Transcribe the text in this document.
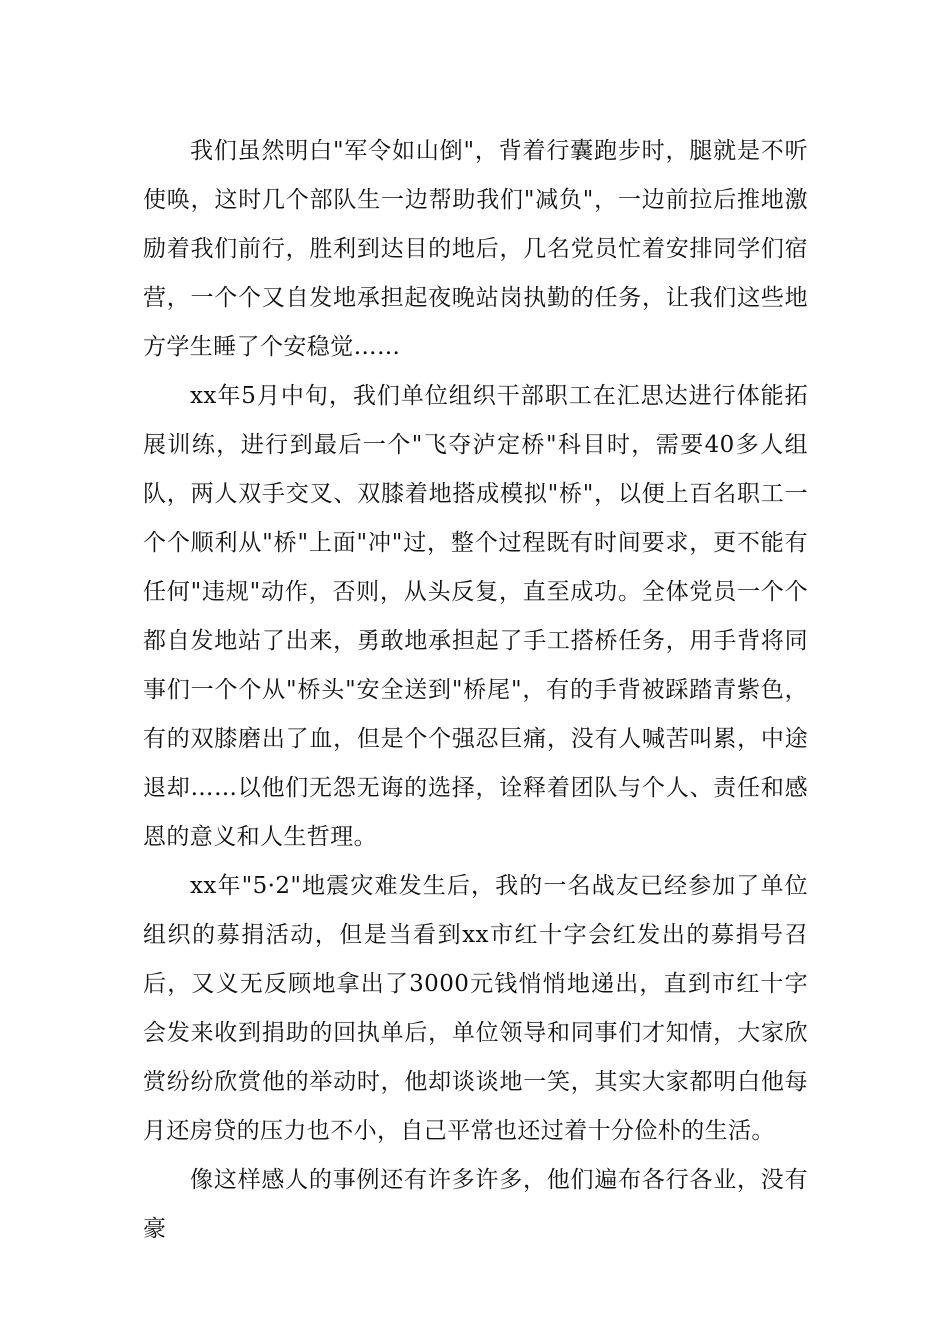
我们虽然明白"军令如山倒"，背着行囊跑步时，腿就是不听使唤，这时几个部队生一边帮助我们"减负"，一边前拉后推地激励着我们前行，胜利到达目的地后，几名党员忙着安排同学们宿营，一个个又自发地承担起夜晚站岗执勤的任务，让我们这些地方学生睡了个安稳觉……

xx年5月中旬，我们单位组织干部职工在汇思达进行体能拓展训练，进行到最后一个"飞夺泸定桥"科目时，需要40多人组队，两人双手交叉、双膝着地搭成模拟"桥"，以便上百名职工一个个顺利从"桥"上面"冲"过，整个过程既有时间要求，更不能有任何"违规"动作，否则，从头反复，直至成功。全体党员一个个都自发地站了出来，勇敢地承担起了手工搭桥任务，用手背将同事们一个个从"桥头"安全送到"桥尾"，有的手背被踩踏青紫色，有的双膝磨出了血，但是个个强忍巨痛，没有人喊苦叫累，中途退却……以他们无怨无诲的选择，诠释着团队与个人、责任和感恩的意义和人生哲理。

xx年"5·2"地震灾难发生后，我的一名战友已经参加了单位组织的募捐活动，但是当看到xx市红十字会红发出的募捐号召后，又义无反顾地拿出了3000元钱悄悄地递出，直到市红十字会发来收到捐助的回执单后，单位领导和同事们才知情，大家欣赏纷纷欣赏他的举动时，他却谈谈地一笑，其实大家都明白他每月还房贷的压力也不小，自己平常也还过着十分俭朴的生活。

像这样感人的事例还有许多许多，他们遍布各行各业，没有豪
